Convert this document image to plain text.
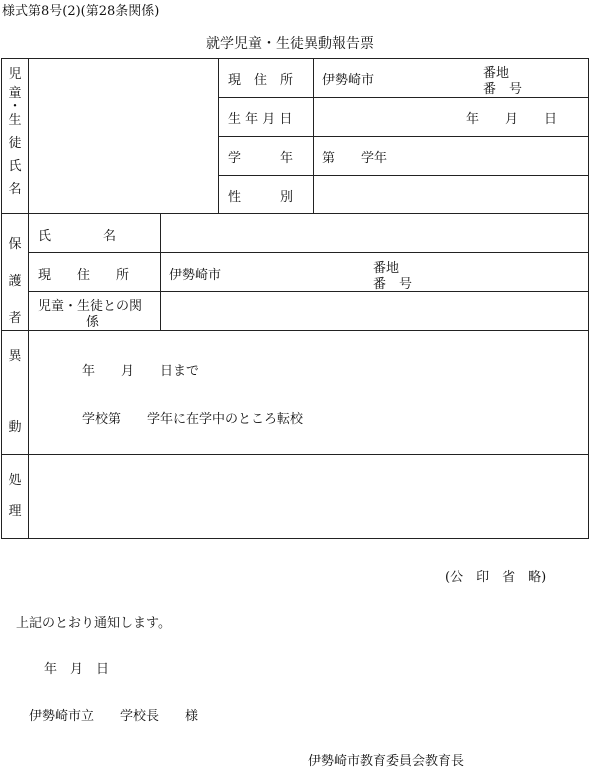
様式第8号(2)(第28条関係)
就学児童・生徒異動報告票
児
童
・
生
徒
氏
名
現　住　所 伊勢崎市	番地
番　号
生 年 月 日	年　　月　　日
学　　　年 第　　学年
性　　　別
保
護
者
氏　　　　名
現　　住　　所	伊勢崎市	番地
番　号
児童・生徒との関
係
異
動
年　　月　　日まで
学校第　　学年に在学中のところ転校
処
理
(公　印　省　略)
上記のとおり通知します。
年　月　日
伊勢崎市立　　学校長　　様
伊勢崎市教育委員会教育長
